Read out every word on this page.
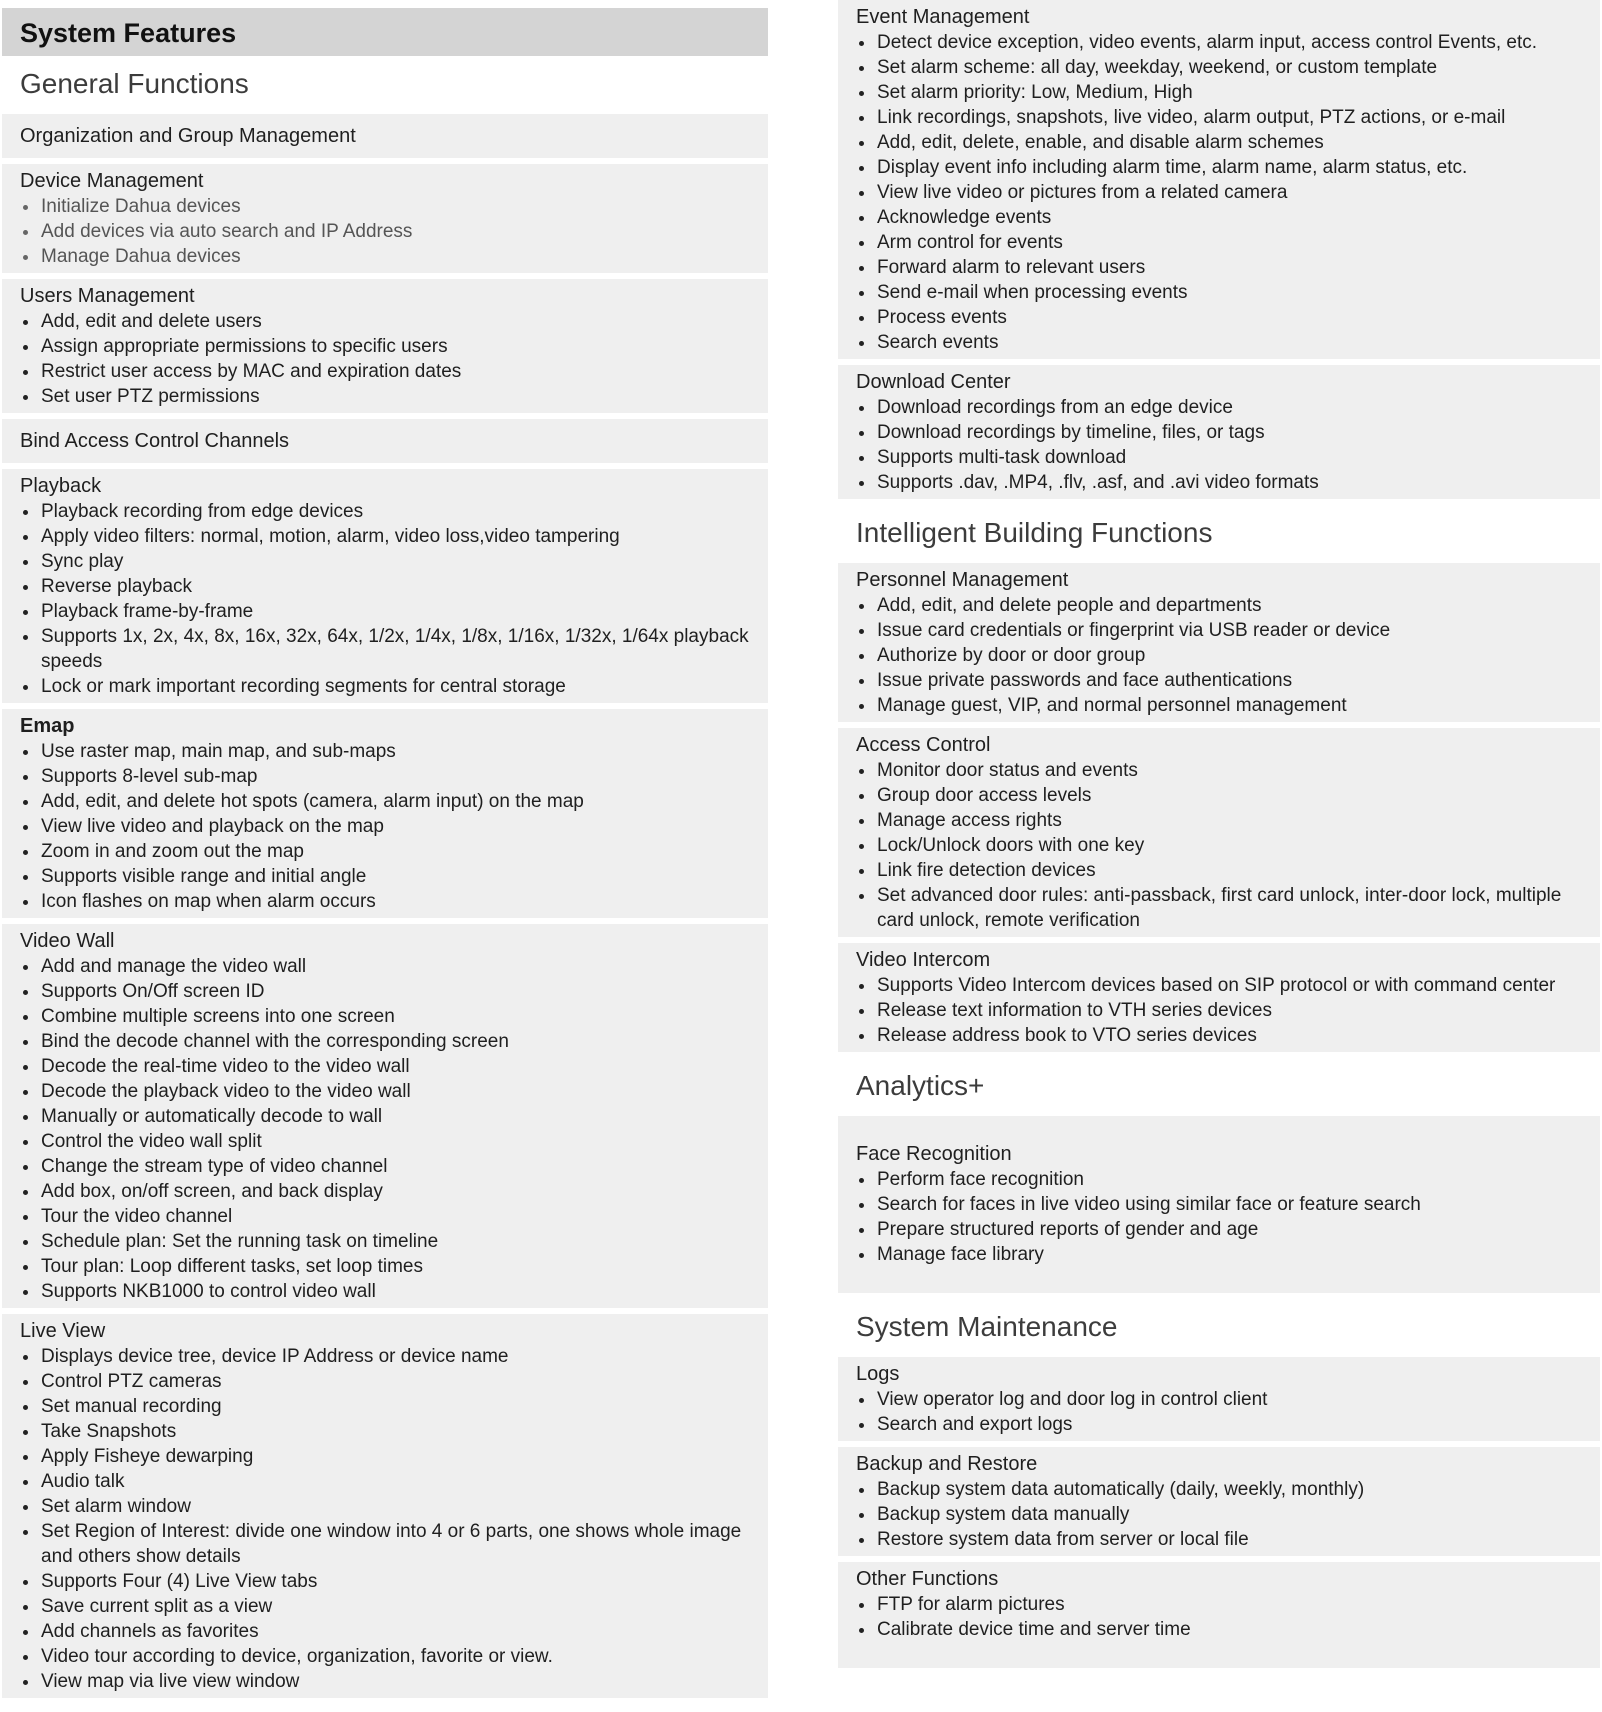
System Features
General Functions
Organization and Group Management
Device Management
Initialize Dahua devices
Add devices via auto search and IP Address
Manage Dahua devices
Users Management
Add, edit and delete users
Assign appropriate permissions to specific users
Restrict user access by MAC and expiration dates
Set user PTZ permissions
Bind Access Control Channels
Playback
Playback recording from edge devices
Apply video filters: normal, motion, alarm, video loss,video tampering
Sync play
Reverse playback
Playback frame-by-frame
Supports 1x, 2x, 4x, 8x, 16x, 32x, 64x, 1/2x, 1/4x, 1/8x, 1/16x, 1/32x, 1/64x playback speeds
Lock or mark important recording segments for central storage
Emap
Use raster map, main map, and sub-maps
Supports 8-level sub-map
Add, edit, and delete hot spots (camera, alarm input) on the map
View live video and playback on the map
Zoom in and zoom out the map
Supports visible range and initial angle
Icon flashes on map when alarm occurs
Video Wall
Add and manage the video wall
Supports On/Off screen ID
Combine multiple screens into one screen
Bind the decode channel with the corresponding screen
Decode the real-time video to the video wall
Decode the playback video to the video wall
Manually or automatically decode to wall
Control the video wall split
Change the stream type of video channel
Add box, on/off screen, and back display
Tour the video channel
Schedule plan: Set the running task on timeline
Tour plan: Loop different tasks, set loop times
Supports NKB1000 to control video wall
Live View
Displays device tree, device IP Address or device name
Control PTZ cameras
Set manual recording
Take Snapshots
Apply Fisheye dewarping
Audio talk
Set alarm window
Set Region of Interest: divide one window into 4 or 6 parts, one shows whole image and others show details
Supports Four (4) Live View tabs
Save current split as a view
Add channels as favorites
Video tour according to device, organization, favorite or view.
View map via live view window
Event Management
Detect device exception, video events, alarm input, access control Events, etc.
Set alarm scheme: all day, weekday, weekend, or custom template
Set alarm priority: Low, Medium, High
Link recordings, snapshots, live video, alarm output, PTZ actions, or e-mail
Add, edit, delete, enable, and disable alarm schemes
Display event info including alarm time, alarm name, alarm status, etc.
View live video or pictures from a related camera
Acknowledge events
Arm control for events
Forward alarm to relevant users
Send e-mail when processing events
Process events
Search events
Download Center
Download recordings from an edge device
Download recordings by timeline, files, or tags
Supports multi-task download
Supports .dav, .MP4, .flv, .asf, and .avi video formats
Intelligent Building Functions
Personnel Management
Add, edit, and delete people and departments
Issue card credentials or fingerprint via USB reader or device
Authorize by door or door group
Issue private passwords and face authentications
Manage guest, VIP, and normal personnel management
Access Control
Monitor door status and events
Group door access levels
Manage access rights
Lock/Unlock doors with one key
Link fire detection devices
Set advanced door rules: anti-passback, first card unlock, inter-door lock, multiple card unlock, remote verification
Video Intercom
Supports Video Intercom devices based on SIP protocol or with command center
Release text information to VTH series devices
Release address book to VTO series devices
Analytics+
Face Recognition
Perform face recognition
Search for faces in live video using similar face or feature search
Prepare structured reports of gender and age
Manage face library
System Maintenance
Logs
View operator log and door log in control client
Search and export logs
Backup and Restore
Backup system data automatically (daily, weekly, monthly)
Backup system data manually
Restore system data from server or local file
Other Functions
FTP for alarm pictures
Calibrate device time and server time
